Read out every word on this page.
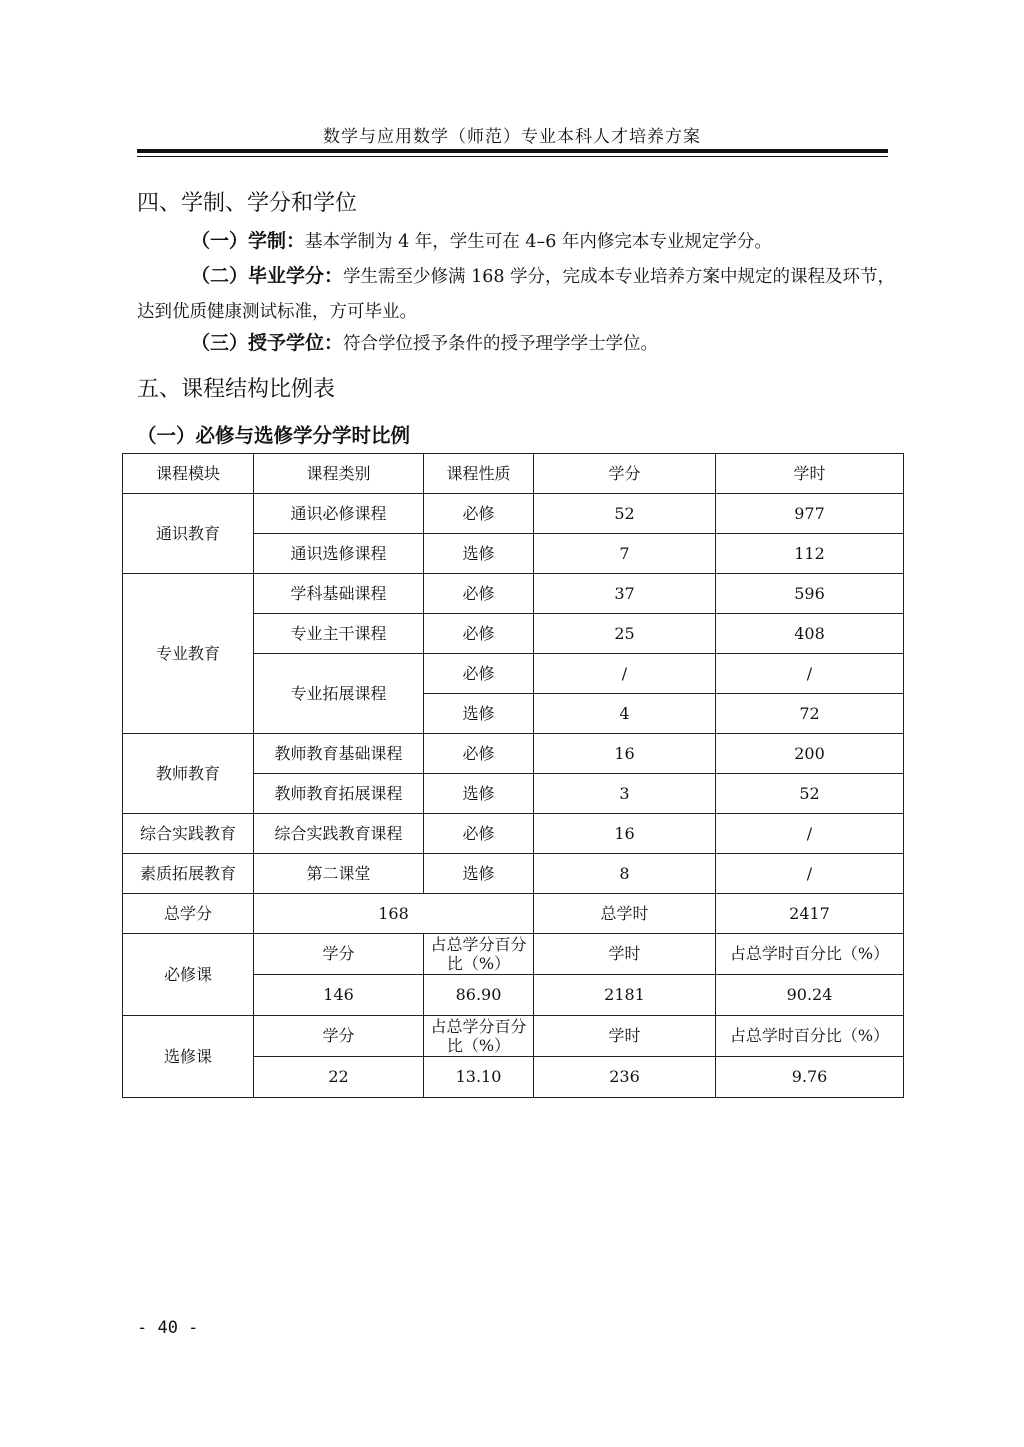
数学与应用数学（师范）专业本科人才培养方案
四、学制、学分和学位
（一）学制：基本学制为 4 年，学生可在 4–6 年内修完本专业规定学分。
（二）毕业学分：学生需至少修满 168 学分，完成本专业培养方案中规定的课程及环节，达到优质健康测试标准，方可毕业。
（三）授予学位：符合学位授予条件的授予理学学士学位。
五、课程结构比例表
（一）必修与选修学分学时比例
课程模块	课程类别	课程性质	学分	学时
通识教育	通识必修课程	必修	52	977
	通识选修课程	选修	7	112
专业教育	学科基础课程	必修	37	596
	专业主干课程	必修	25	408
	专业拓展课程	必修	/	/
		选修	4	72
教师教育	教师教育基础课程	必修	16	200
	教师教育拓展课程	选修	3	52
综合实践教育	综合实践教育课程	必修	16	/
素质拓展教育	第二课堂	选修	8	/
总学分	168		总学时	2417
必修课	学分	占总学分百分比（%）	学时	占总学时百分比（%）
	146	86.90	2181	90.24
选修课	学分	占总学分百分比（%）	学时	占总学时百分比（%）
	22	13.10	236	9.76
- 40 -
